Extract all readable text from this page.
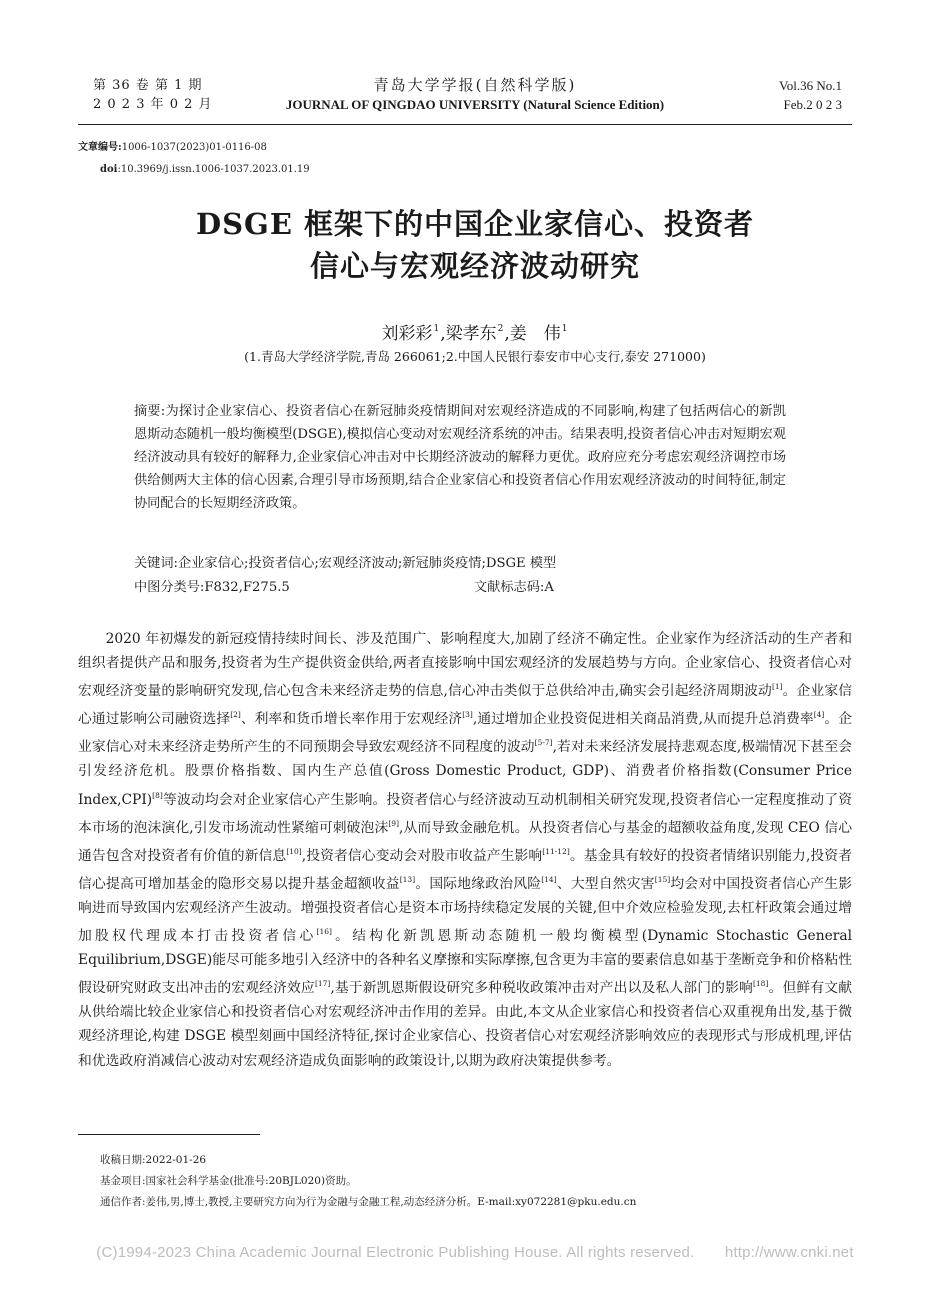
第 36 卷 第 1 期
2 0 2 3 年 0 2 月
青岛大学学报(自然科学版)
JOURNAL OF QINGDAO UNIVERSITY (Natural Science Edition)
Vol.36 No.1
Feb.2 0 2 3
文章编号:1006-1037(2023)01-0116-08
doi:10.3969/j.issn.1006-1037.2023.01.19
DSGE 框架下的中国企业家信心、投资者
信心与宏观经济波动研究
刘彩彩$^1$,梁孝东$^2$,姜　伟$^1$
(1.青岛大学经济学院,青岛 266061;2.中国人民银行泰安市中心支行,泰安 271000)

摘要:为探讨企业家信心、投资者信心在新冠肺炎疫情期间对宏观经济造成的不同影响,构建了包括两信心的新凯恩斯动态随机一般均衡模型(DSGE),模拟信心变动对宏观经济系统的冲击。结果表明,投资者信心冲击对短期宏观经济波动具有较好的解释力,企业家信心冲击对中长期经济波动的解释力更优。政府应充分考虑宏观经济调控市场供给侧两大主体的信心因素,合理引导市场预期,结合企业家信心和投资者信心作用宏观经济波动的时间特征,制定协同配合的长短期经济政策。

关键词:企业家信心;投资者信心;宏观经济波动;新冠肺炎疫情;DSGE 模型
中图分类号:F832,F275.5	文献标志码:A

2020 年初爆发的新冠疫情持续时间长、涉及范围广、影响程度大,加剧了经济不确定性。企业家作为经济活动的生产者和组织者提供产品和服务,投资者为生产提供资金供给,两者直接影响中国宏观经济的发展趋势与方向。企业家信心、投资者信心对宏观经济变量的影响研究发现,信心包含未来经济走势的信息,信心冲击类似于总供给冲击,确实会引起经济周期波动[1]。企业家信心通过影响公司融资选择[2]、利率和货币增长率作用于宏观经济[3],通过增加企业投资促进相关商品消费,从而提升总消费率[4]。企业家信心对未来经济走势所产生的不同预期会导致宏观经济不同程度的波动[5-7],若对未来经济发展持悲观态度,极端情况下甚至会引发经济危机。股票价格指数、国内生产总值(Gross Domestic Product, GDP)、消费者价格指数(Consumer Price Index,CPI)[8]等波动均会对企业家信心产生影响。投资者信心与经济波动互动机制相关研究发现,投资者信心一定程度推动了资本市场的泡沫演化,引发市场流动性紧缩可刺破泡沫[9],从而导致金融危机。从投资者信心与基金的超额收益角度,发现 CEO 信心通告包含对投资者有价值的新信息[10],投资者信心变动会对股市收益产生影响[11-12]。基金具有较好的投资者情绪识别能力,投资者信心提高可增加基金的隐形交易以提升基金超额收益[13]。国际地缘政治风险[14]、大型自然灾害[15]均会对中国投资者信心产生影响进而导致国内宏观经济产生波动。增强投资者信心是资本市场持续稳定发展的关键,但中介效应检验发现,去杠杆政策会通过增加股权代理成本打击投资者信心[16]。结构化新凯恩斯动态随机一般均衡模型(Dynamic Stochastic General Equilibrium,DSGE)能尽可能多地引入经济中的各种名义摩擦和实际摩擦,包含更为丰富的要素信息如基于垄断竞争和价格粘性假设研究财政支出冲击的宏观经济效应[17],基于新凯恩斯假设研究多种税收政策冲击对产出以及私人部门的影响[18]。但鲜有文献从供给端比较企业家信心和投资者信心对宏观经济冲击作用的差异。由此,本文从企业家信心和投资者信心双重视角出发,基于微观经济理论,构建 DSGE 模型刻画中国经济特征,探讨企业家信心、投资者信心对宏观经济影响效应的表现形式与形成机理,评估和优选政府消减信心波动对宏观经济造成负面影响的政策设计,以期为政府决策提供参考。

收稿日期:2022-01-26
基金项目:国家社会科学基金(批准号:20BJL020)资助。
通信作者:姜伟,男,博士,教授,主要研究方向为行为金融与金融工程,动态经济分析。E-mail:xy072281@pku.edu.cn
(C)1994-2023 China Academic Journal Electronic Publishing House. All rights reserved.　　http://www.cnki.net
